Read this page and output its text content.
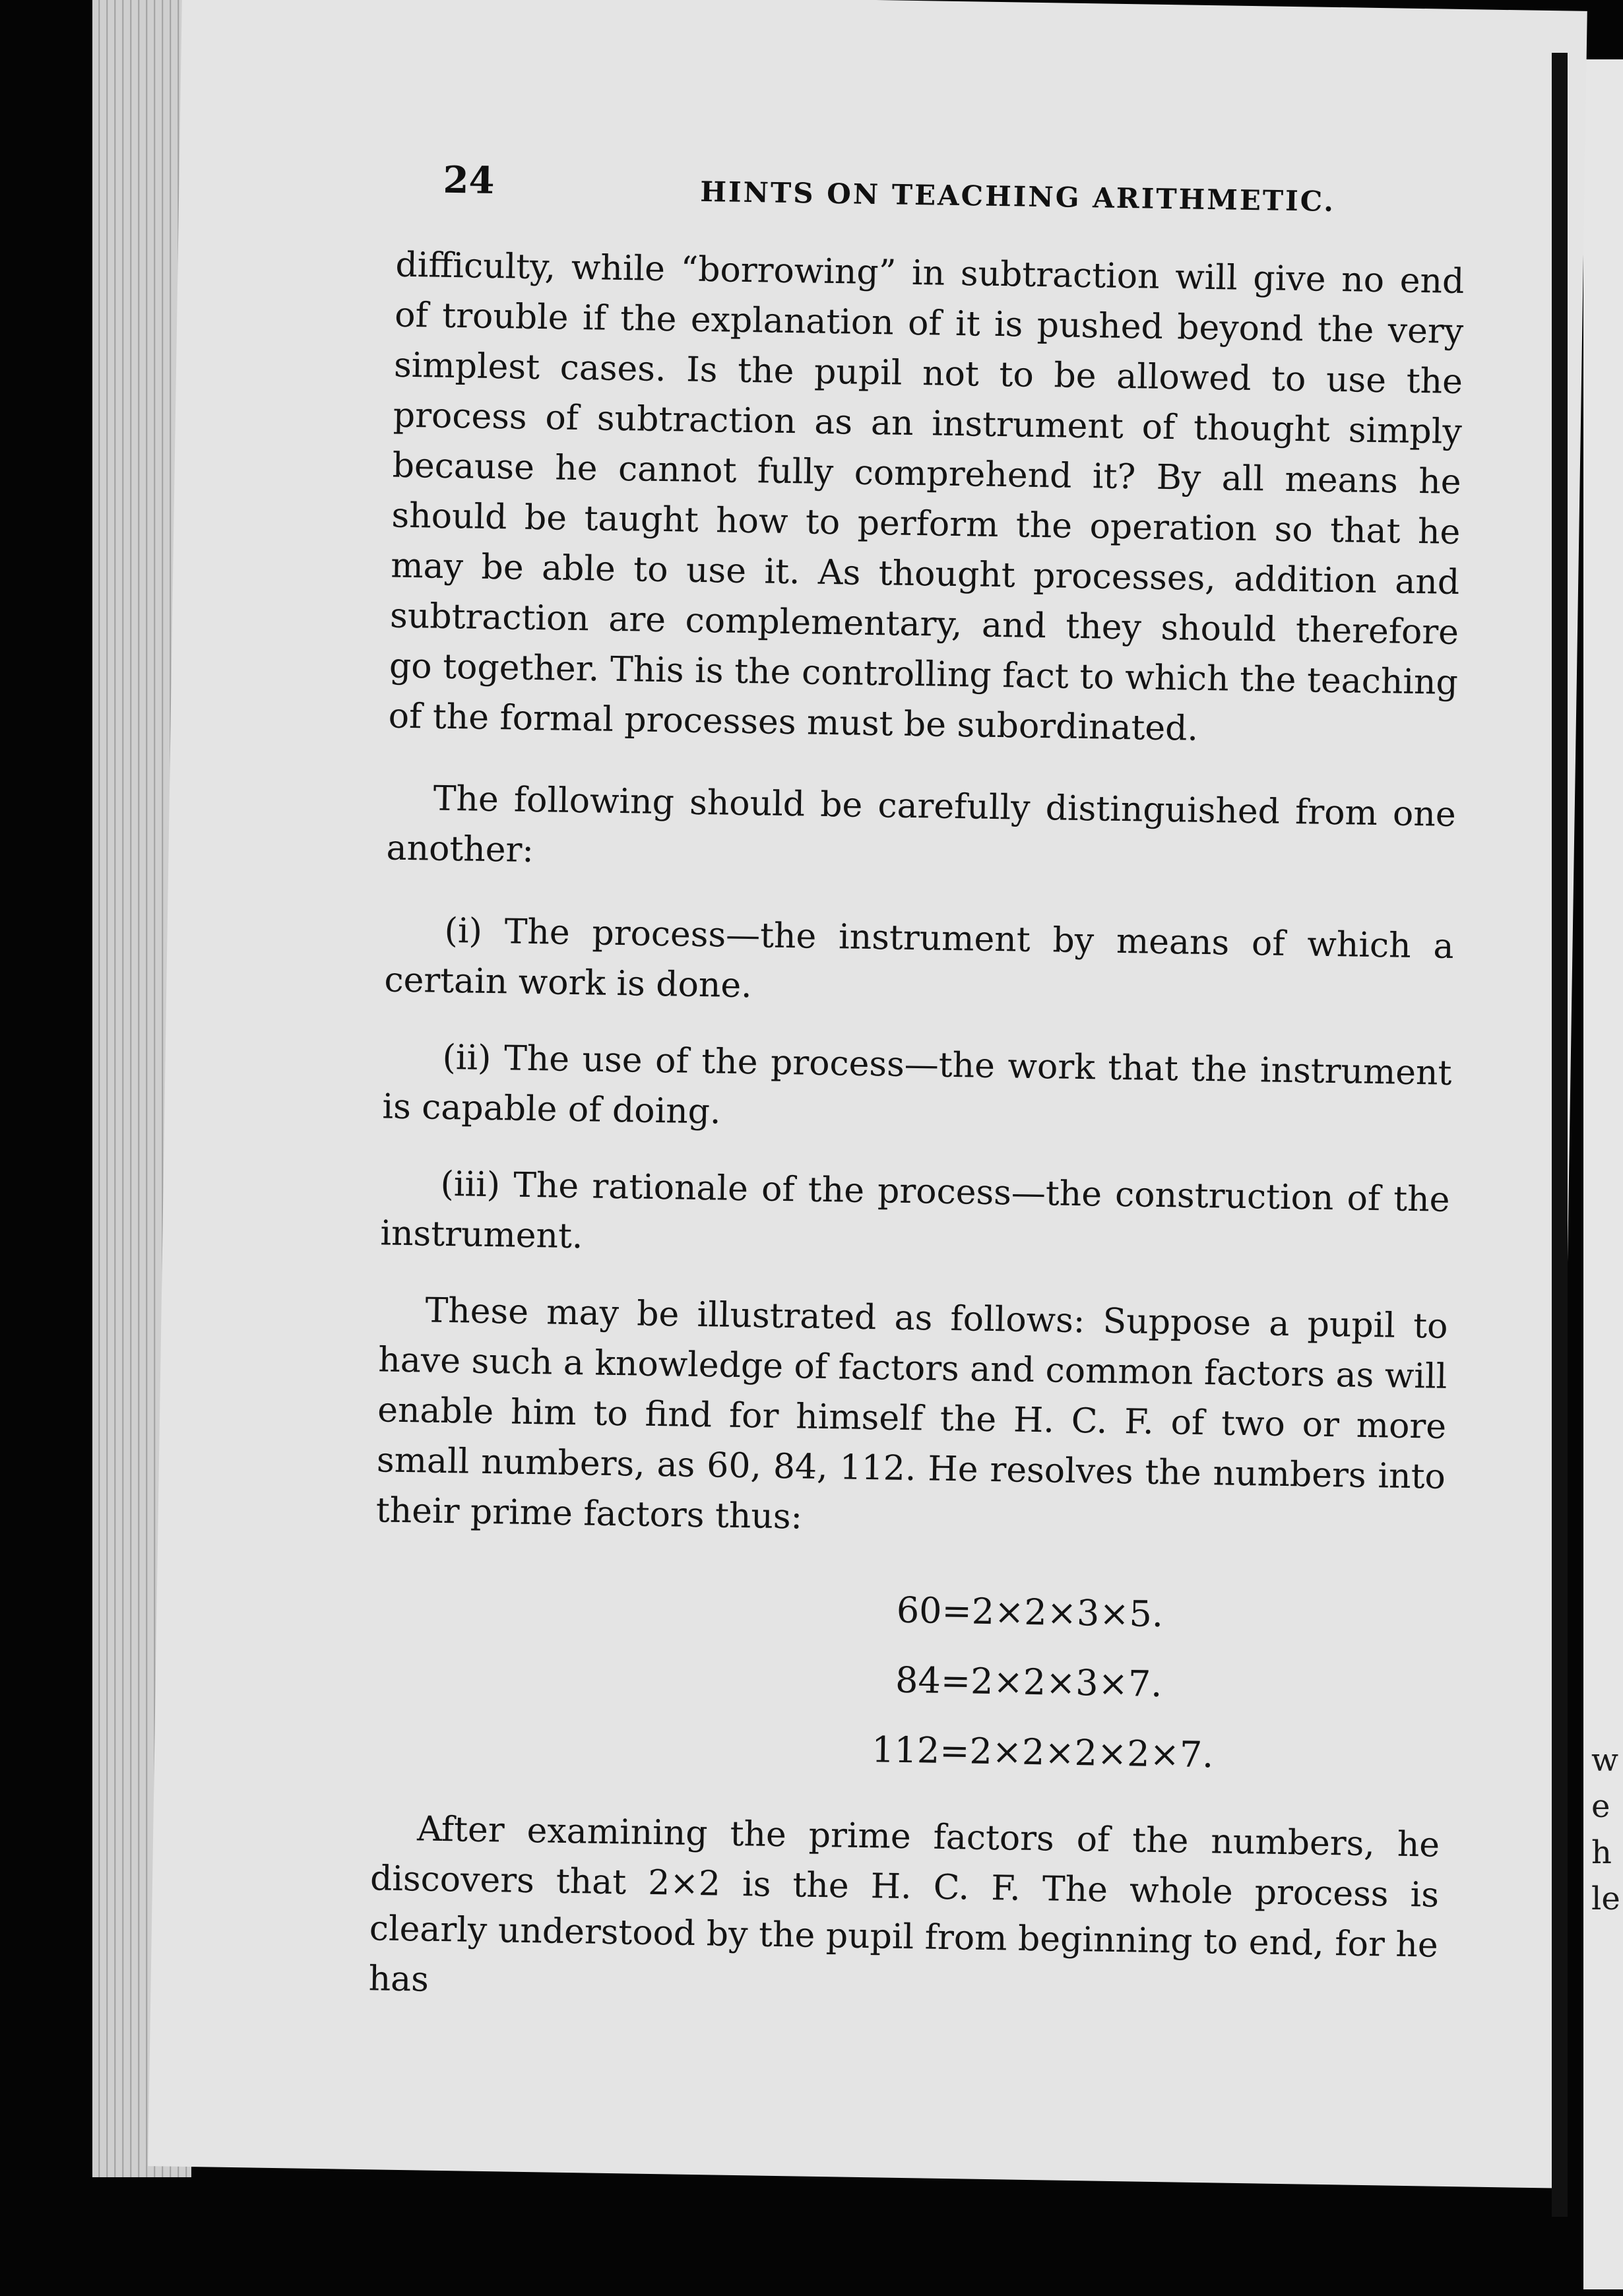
24	HINTS ON TEACHING ARITHMETIC.

difficulty, while “borrowing” in subtraction will give no end of trouble if the explanation of it is pushed beyond the very simplest cases. Is the pupil not to be allowed to use the process of subtraction as an instrument of thought simply because he cannot fully comprehend it? By all means he should be taught how to perform the operation so that he may be able to use it. As thought processes, addition and subtraction are complementary, and they should therefore go together. This is the controlling fact to which the teaching of the formal processes must be subordinated.

The following should be carefully distinguished from one another:

(i) The process—the instrument by means of which a certain work is done.

(ii) The use of the process—the work that the instrument is capable of doing.

(iii) The rationale of the process—the construction of the instrument.

These may be illustrated as follows: Suppose a pupil to have such a knowledge of factors and common factors as will enable him to find for himself the H. C. F. of two or more small numbers, as 60, 84, 112. He resolves the numbers into their prime factors thus:

60=2×2×3×5.
84=2×2×3×7.
112=2×2×2×2×7.

After examining the prime factors of the numbers, he discovers that 2×2 is the H. C. F. The whole process is clearly understood by the pupil from beginning to end, for he has

w
e
h
le
